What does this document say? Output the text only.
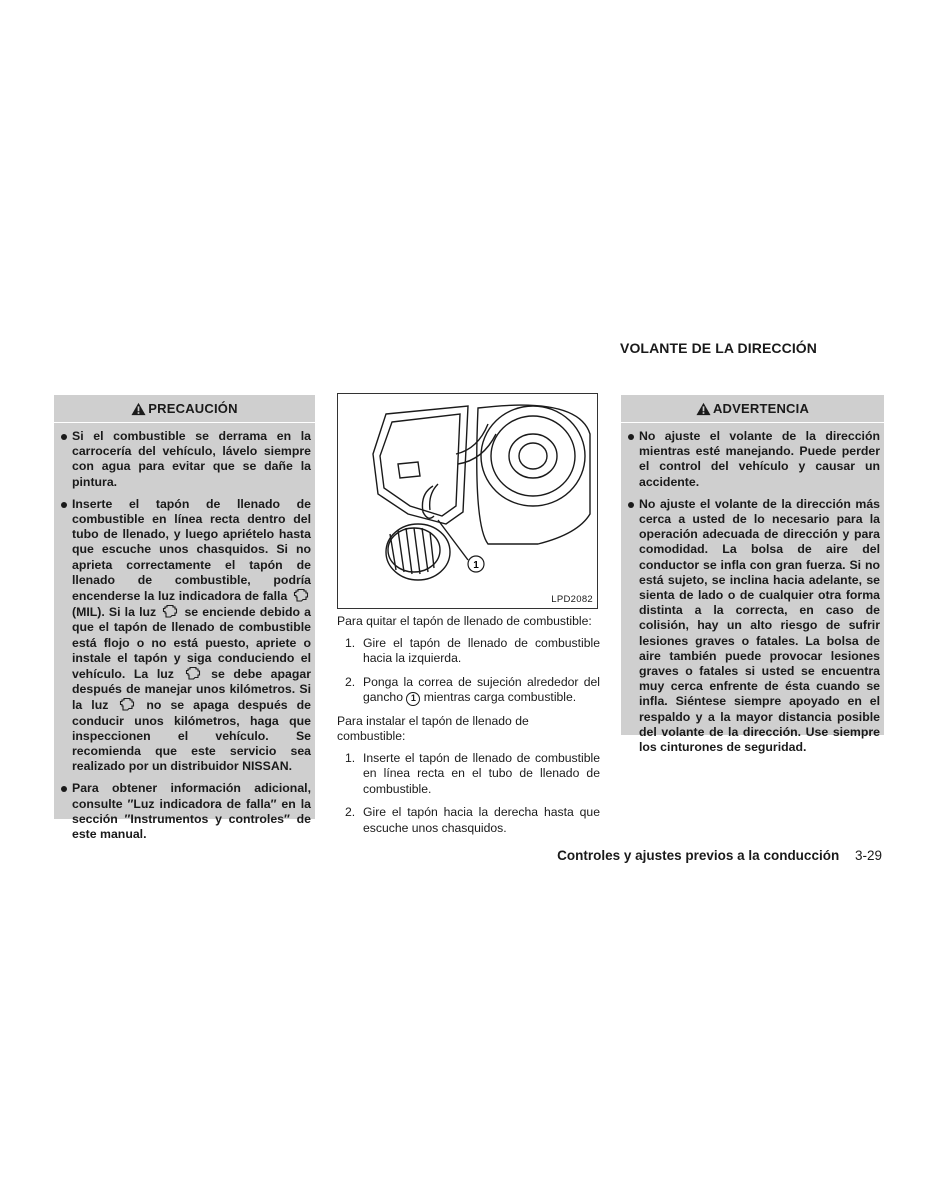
PRECAUCIÓN
Si el combustible se derrama en la carrocería del vehículo, lávelo siempre con agua para evitar que se dañe la pintura.
Inserte el tapón de llenado de combustible en línea recta dentro del tubo de llenado, y luego apriételo hasta que escuche unos chasquidos. Si no aprieta correctamente el tapón de llenado de combustible, podría encenderse la luz indicadora de falla  (MIL). Si la luz se enciende debido a que el tapón de llenado de combustible está flojo o no está puesto, apriete o instale el tapón y siga conduciendo el vehículo. La luz	se debe apagar después de manejar unos kilómetros. Si la luz	no se apaga después de conducir unos kilómetros, haga que inspeccionen el vehículo. Se recomienda que este servicio sea realizado por un distribuidor NISSAN.
Para obtener información adicional, consulte ″Luz indicadora de falla″ en la sección ″Instrumentos y controles″ de este manual.
1
LPD2082

Para quitar el tapón de llenado de combustible:

1. Gire el tapón de llenado de combustible hacia la izquierda.
2. Ponga la correa de sujeción alrededor del gancho 1 mientras carga combustible.

Para instalar el tapón de llenado de combustible:

1. Inserte el tapón de llenado de combustible en línea recta en el tubo de llenado de combustible.
2. Gire el tapón hacia la derecha hasta que escuche unos chasquidos.
VOLANTE DE LA DIRECCIÓN
ADVERTENCIA
No ajuste el volante de la dirección mientras esté manejando. Puede perder el control del vehículo y causar un accidente.
No ajuste el volante de la dirección más cerca a usted de lo necesario para la operación adecuada de dirección y para comodidad. La bolsa de aire del conductor se infla con gran fuerza. Si no está sujeto, se inclina hacia adelante, se sienta de lado o de cualquier otra forma distinta a la correcta, en caso de colisión, hay un alto riesgo de sufrir lesiones graves o fatales. La bolsa de aire también puede provocar lesiones graves o fatales si usted se encuentra muy cerca enfrente de ésta cuando se infla. Siéntese siempre apoyado en el respaldo y a la mayor distancia posible del volante de la dirección. Use siempre los cinturones de seguridad.
Controles y ajustes previos a la conducción 3-29
